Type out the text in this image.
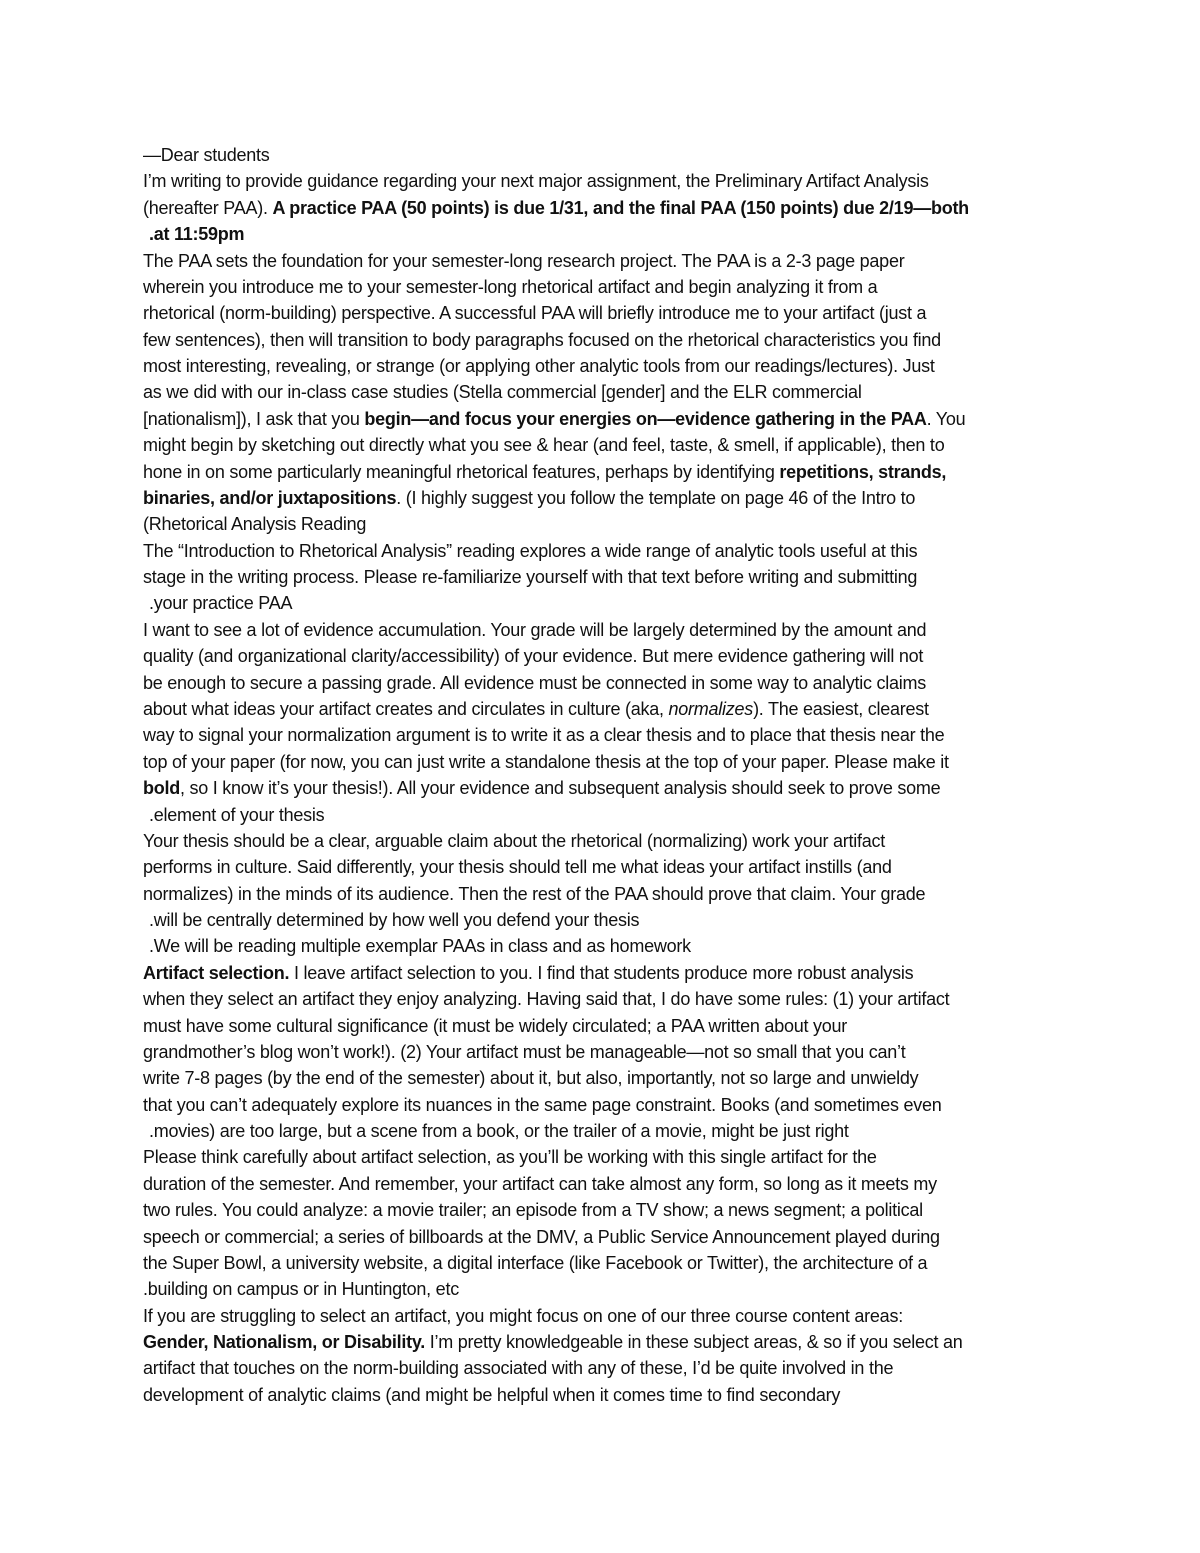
—Dear students
I’m writing to provide guidance regarding your next major assignment, the Preliminary Artifact Analysis
(hereafter PAA). A practice PAA (50 points) is due 1/31, and the final PAA (150 points) due 2/19—both
.at 11:59pm
The PAA sets the foundation for your semester-long research project. The PAA is a 2-3 page paper
wherein you introduce me to your semester-long rhetorical artifact and begin analyzing it from a
rhetorical (norm-building) perspective. A successful PAA will briefly introduce me to your artifact (just a
few sentences), then will transition to body paragraphs focused on the rhetorical characteristics you find
most interesting, revealing, or strange (or applying other analytic tools from our readings/lectures). Just
as we did with our in-class case studies (Stella commercial [gender] and the ELR commercial
[nationalism]), I ask that you begin—and focus your energies on—evidence gathering in the PAA. You
might begin by sketching out directly what you see & hear (and feel, taste, & smell, if applicable), then to
hone in on some particularly meaningful rhetorical features, perhaps by identifying repetitions, strands,
binaries, and/or juxtapositions. (I highly suggest you follow the template on page 46 of the Intro to
(Rhetorical Analysis Reading
The “Introduction to Rhetorical Analysis” reading explores a wide range of analytic tools useful at this
stage in the writing process. Please re-familiarize yourself with that text before writing and submitting
.your practice PAA
I want to see a lot of evidence accumulation. Your grade will be largely determined by the amount and
quality (and organizational clarity/accessibility) of your evidence. But mere evidence gathering will not
be enough to secure a passing grade. All evidence must be connected in some way to analytic claims
about what ideas your artifact creates and circulates in culture (aka, normalizes). The easiest, clearest
way to signal your normalization argument is to write it as a clear thesis and to place that thesis near the
top of your paper (for now, you can just write a standalone thesis at the top of your paper. Please make it
bold, so I know it’s your thesis!). All your evidence and subsequent analysis should seek to prove some
.element of your thesis
Your thesis should be a clear, arguable claim about the rhetorical (normalizing) work your artifact
performs in culture. Said differently, your thesis should tell me what ideas your artifact instills (and
normalizes) in the minds of its audience. Then the rest of the PAA should prove that claim. Your grade
.will be centrally determined by how well you defend your thesis
.We will be reading multiple exemplar PAAs in class and as homework
Artifact selection. I leave artifact selection to you. I find that students produce more robust analysis
when they select an artifact they enjoy analyzing. Having said that, I do have some rules: (1) your artifact
must have some cultural significance (it must be widely circulated; a PAA written about your
grandmother’s blog won’t work!). (2) Your artifact must be manageable—not so small that you can’t
write 7-8 pages (by the end of the semester) about it, but also, importantly, not so large and unwieldy
that you can’t adequately explore its nuances in the same page constraint. Books (and sometimes even
.movies) are too large, but a scene from a book, or the trailer of a movie, might be just right
Please think carefully about artifact selection, as you’ll be working with this single artifact for the
duration of the semester. And remember, your artifact can take almost any form, so long as it meets my
two rules. You could analyze: a movie trailer; an episode from a TV show; a news segment; a political
speech or commercial; a series of billboards at the DMV, a Public Service Announcement played during
the Super Bowl, a university website, a digital interface (like Facebook or Twitter), the architecture of a
.building on campus or in Huntington, etc
If you are struggling to select an artifact, you might focus on one of our three course content areas:
Gender, Nationalism, or Disability. I’m pretty knowledgeable in these subject areas, & so if you select an
artifact that touches on the norm-building associated with any of these, I’d be quite involved in the
development of analytic claims (and might be helpful when it comes time to find secondary
